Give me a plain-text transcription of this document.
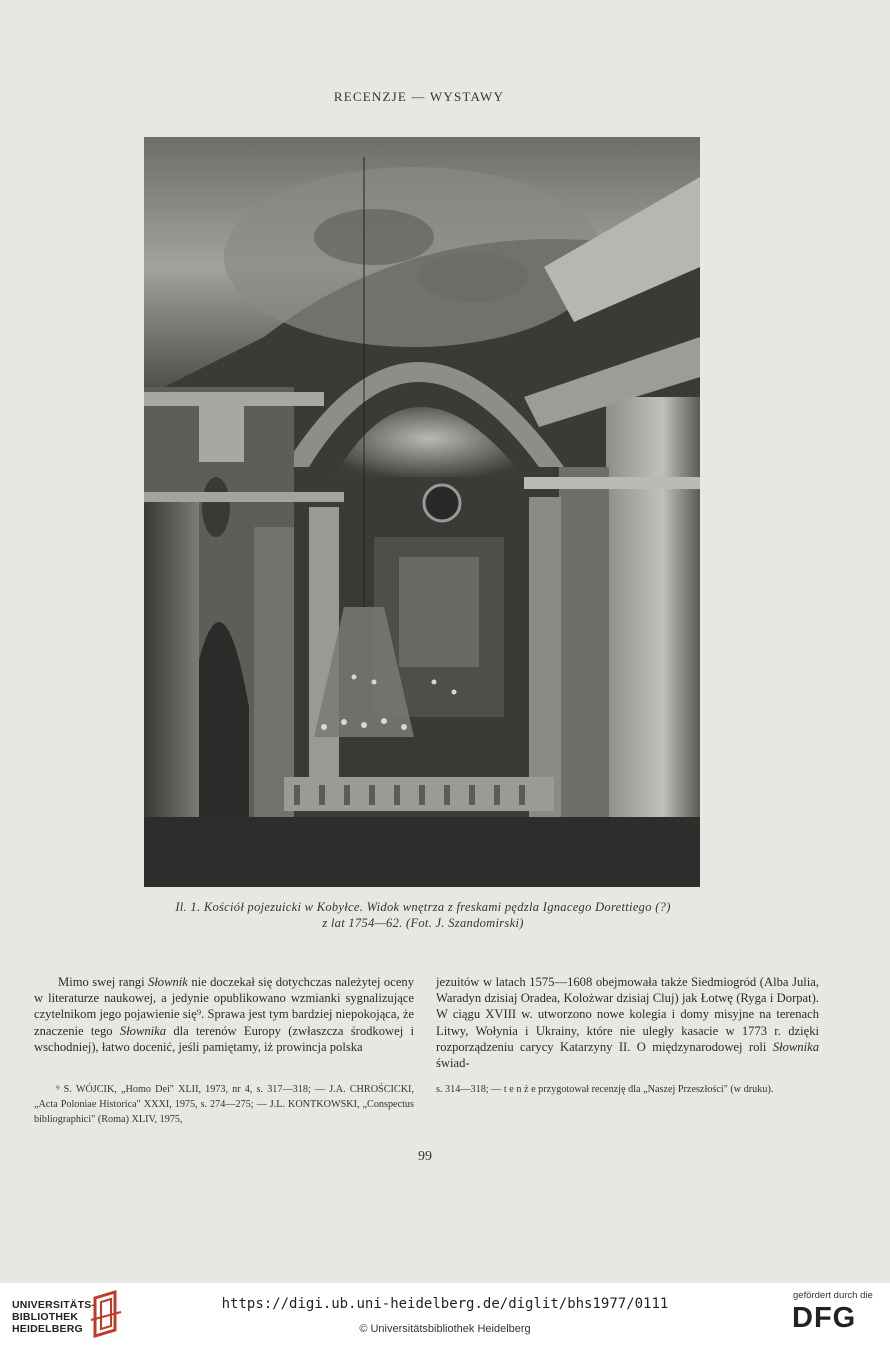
RECENZJE — WYSTAWY
Il. 1. Kościół pojezuicki w Kobyłce. Widok wnętrza z freskami pędzla Ignacego Dorettiego (?)
z lat 1754—62. (Fot. J. Szandomirski)
Mimo swej rangi Słownik nie doczekał się dotychczas należytej oceny w literaturze naukowej, a jedynie opublikowano wzmianki sygnalizujące czytelnikom jego pojawienie się⁹. Sprawa jest tym bardziej niepokojąca, że znaczenie tego Słownika dla terenów Europy (zwłaszcza środkowej i wschodniej), łatwo docenić, jeśli pamiętamy, iż prowincja polska
jezuitów w latach 1575—1608 obejmowała także Siedmiogród (Alba Julia, Waradyn dzisiaj Oradea, Kolożwar dzisiaj Cluj) jak Łotwę (Ryga i Dorpat). W ciągu XVIII w. utworzono nowe kolegia i domy misyjne na terenach Litwy, Wołynia i Ukrainy, które nie uległy kasacie w 1773 r. dzięki rozporządzeniu carycy Katarzyny II. O międzynarodowej roli Słownika świad-
⁹ S. WÓJCIK, „Homo Dei" XLII, 1973, nr 4, s. 317—318; — J.A. CHROŚCICKI, „Acta Poloniae Historica" XXXI, 1975, s. 274—275; — J.L. KONTKOWSKI, „Conspectus bibliographici" (Roma) XLIV, 1975,
s. 314—318; — t e n ż e przygotował recenzję dla „Naszej Przeszłości" (w druku).
99
UNIVERSITÄTS-
BIBLIOTHEK
HEIDELBERG
https://digi.ub.uni-heidelberg.de/diglit/bhs1977/0111
© Universitätsbibliothek Heidelberg
gefördert durch die
DFG
